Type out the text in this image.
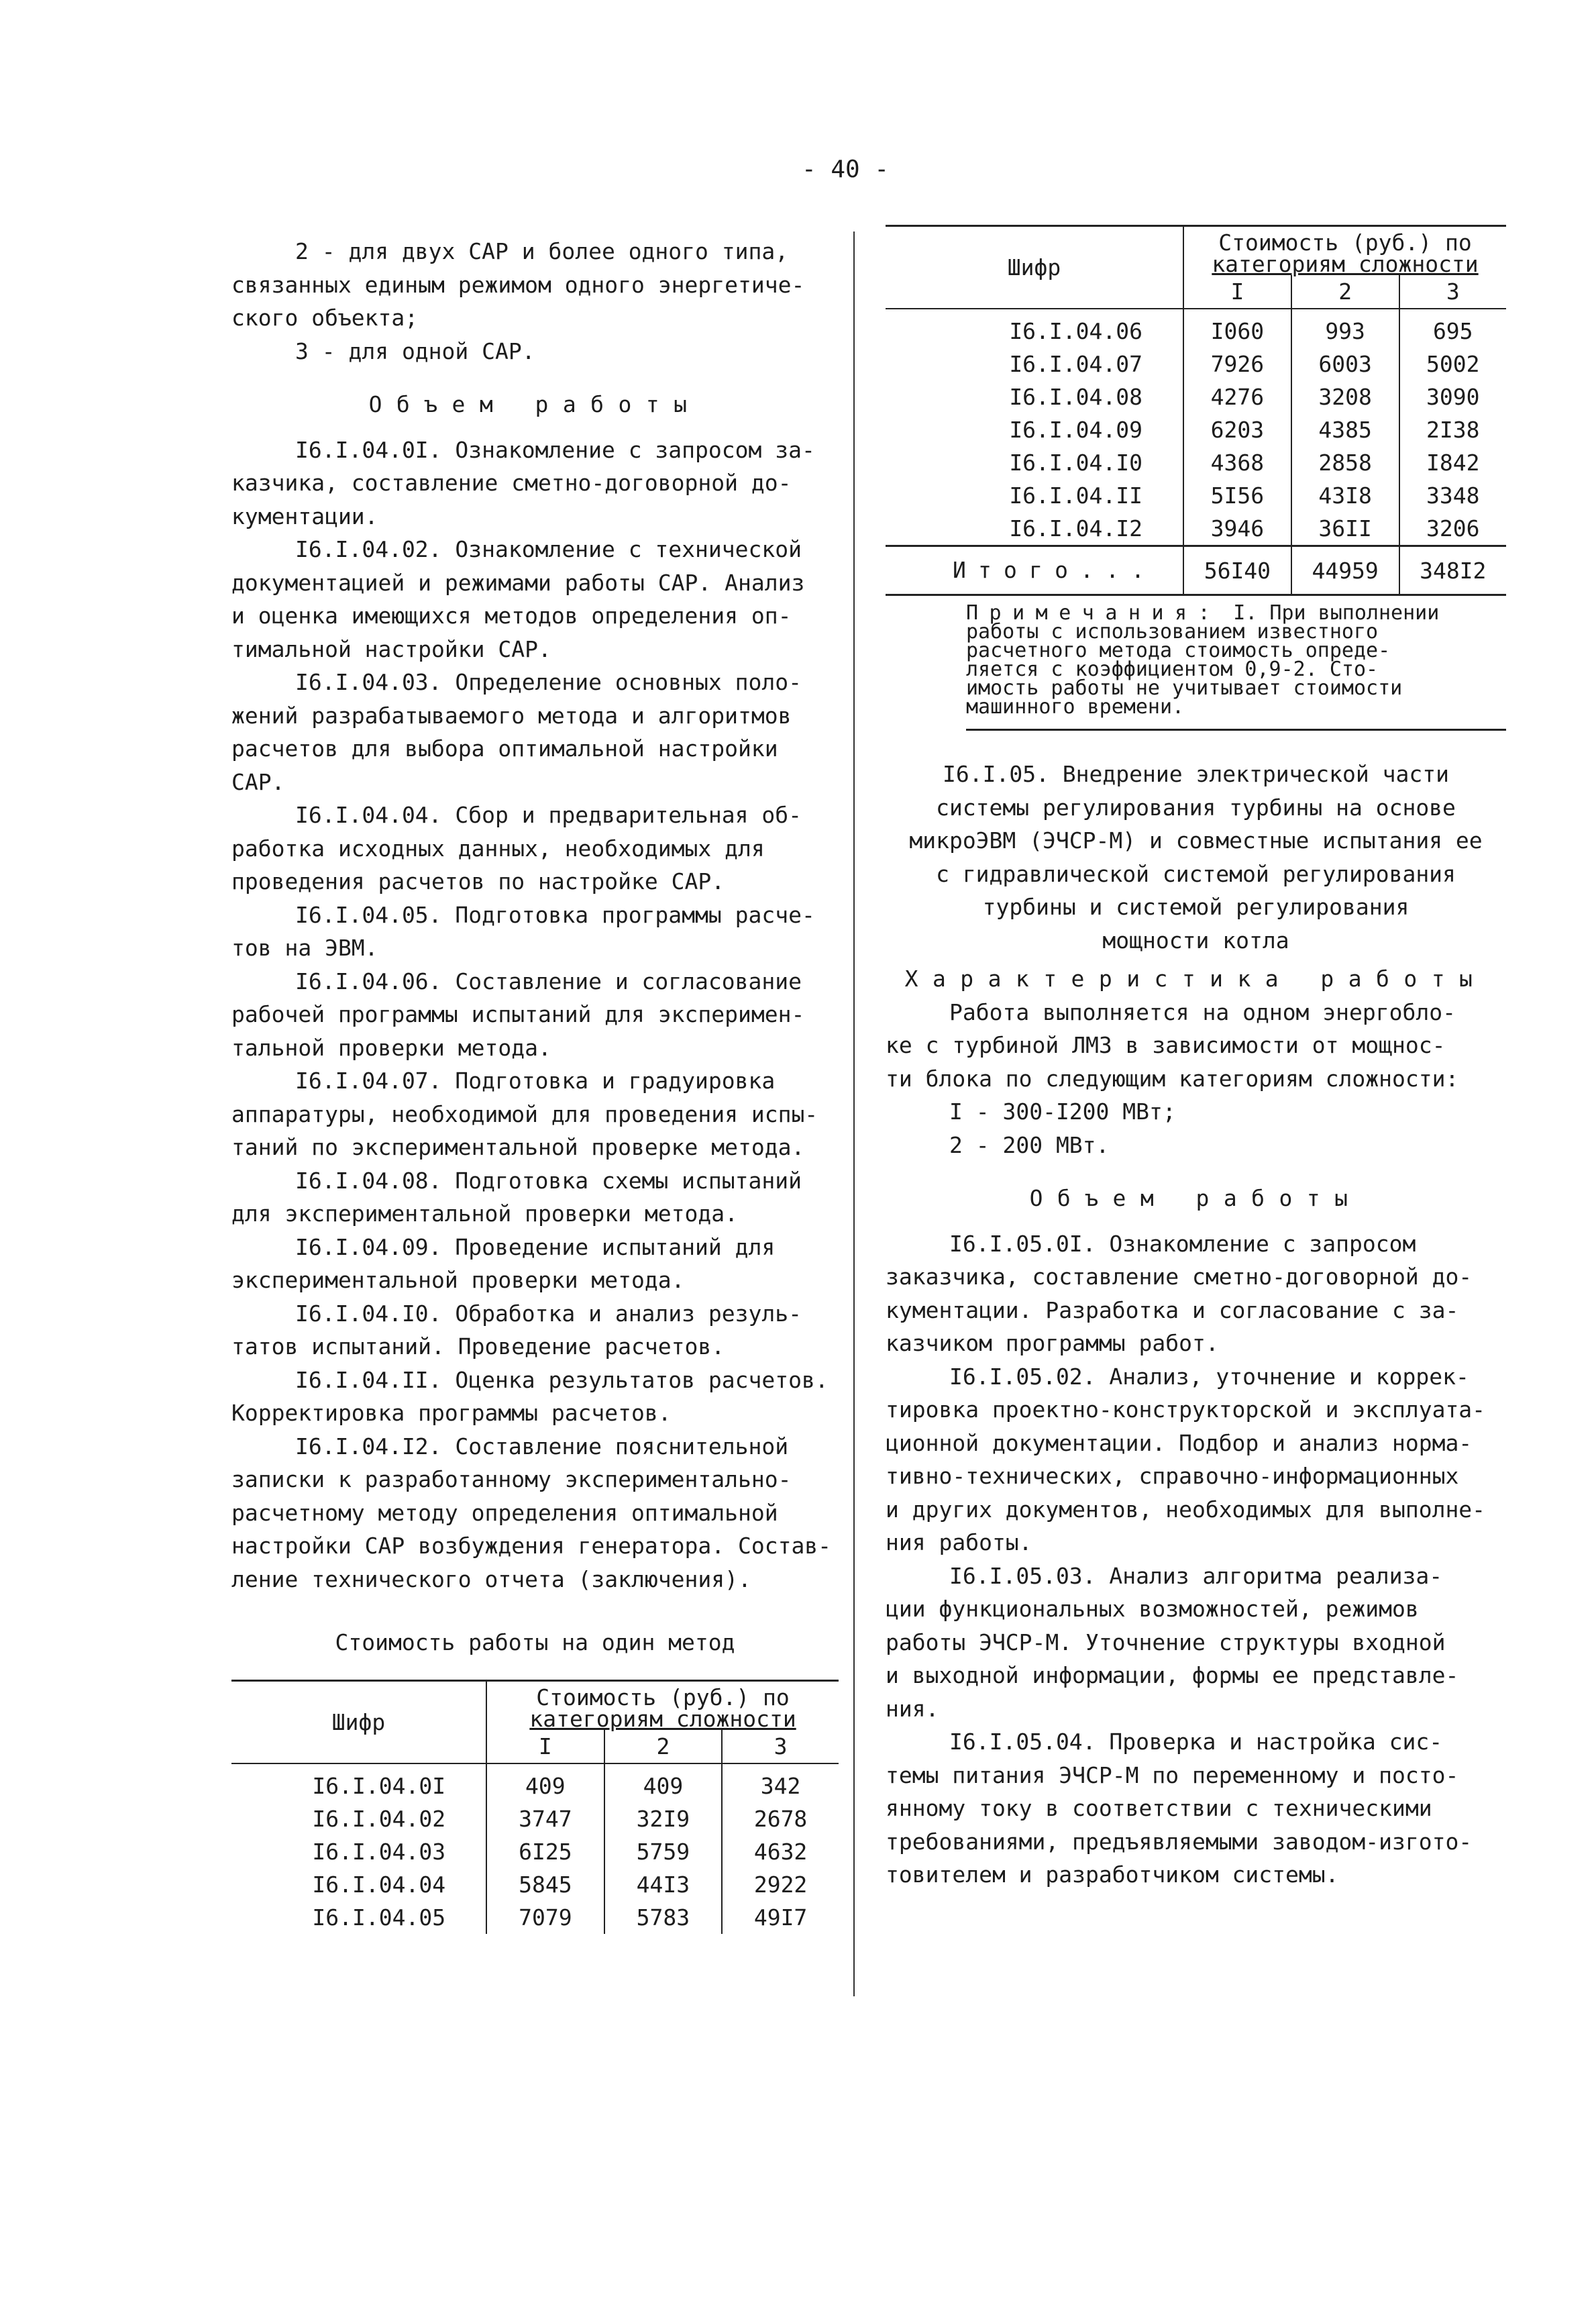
- 40 -

2 - для двух САР и более одного типа,

связанных единым режимом одного энергетиче-

ского объекта;

3 - для одной САР.

Объем работы

I6.I.04.0I. Ознакомление с запросом за-

казчика, составление сметно-договорной до-

кументации.

I6.I.04.02. Ознакомление с технической

документацией и режимами работы САР. Анализ

и оценка имеющихся методов определения оп-

тимальной настройки САР.

I6.I.04.03. Определение основных поло-

жений разрабатываемого метода и алгоритмов

расчетов для выбора оптимальной настройки

САР.

I6.I.04.04. Сбор и предварительная об-

работка исходных данных, необходимых для

проведения расчетов по настройке САР.

I6.I.04.05. Подготовка программы расче-

тов на ЭВМ.

I6.I.04.06. Составление и согласование

рабочей программы испытаний для эксперимен-

тальной проверки метода.

I6.I.04.07. Подготовка и градуировка

аппаратуры, необходимой для проведения испы-

таний по экспериментальной проверке метода.

I6.I.04.08. Подготовка схемы испытаний

для экспериментальной проверки метода.

I6.I.04.09. Проведение испытаний для

экспериментальной проверки метода.

I6.I.04.I0. Обработка и анализ резуль-

татов испытаний. Проведение расчетов.

I6.I.04.II. Оценка результатов расчетов.

Корректировка программы расчетов.

I6.I.04.I2. Составление пояснительной

записки к разработанному экспериментально-

расчетному методу определения оптимальной

настройки САР возбуждения генератора. Состав-

ление технического отчета (заключения).

Стоимость работы на один метод

Шифр	Стоимость (руб.) по
категориям сложности		

	I	2	3
I6.I.04.0I	409	409	342
I6.I.04.02	3747	32I9	2678
I6.I.04.03	6I25	5759	4632
I6.I.04.04	5845	44I3	2922
I6.I.04.05	7079	5783	49I7
Шифр	Стоимость (руб.) по
категориям сложности		

	I	2	3
I6.I.04.06	I060	993	695
I6.I.04.07	7926	6003	5002
I6.I.04.08	4276	3208	3090
I6.I.04.09	6203	4385	2I38
I6.I.04.I0	4368	2858	I842
I6.I.04.II	5I56	43I8	3348
I6.I.04.I2	3946	36II	3206
Итого...	56I40	44959	348I2
Примечания: I. При выполнении
работы с использованием известного
расчетного метода стоимость опреде-
ляется с коэффициентом 0,9-2. Сто-
имость работы не учитывает стоимости
машинного времени.

I6.I.05. Внедрение электрической части

системы регулирования турбины на основе

микроЭВМ (ЭЧСР-М) и совместные испытания ее

с гидравлической системой регулирования

турбины и системой регулирования

мощности котла

Характеристика работы

Работа выполняется на одном энергобло-

ке с турбиной ЛМЗ в зависимости от мощнос-

ти блока по следующим категориям сложности:

I - 300-I200 МВт;

2 - 200 МВт.

Объем работы

I6.I.05.0I. Ознакомление с запросом

заказчика, составление сметно-договорной до-

кументации. Разработка и согласование с за-

казчиком программы работ.

I6.I.05.02. Анализ, уточнение и коррек-

тировка проектно-конструкторской и эксплуата-

ционной документации. Подбор и анализ норма-

тивно-технических, справочно-информационных

и других документов, необходимых для выполне-

ния работы.

I6.I.05.03. Анализ алгоритма реализа-

ции функциональных возможностей, режимов

работы ЭЧСР-М. Уточнение структуры входной

и выходной информации, формы ее представле-

ния.

I6.I.05.04. Проверка и настройка сис-

темы питания ЭЧСР-М по переменному и посто-

янному току в соответствии с техническими

требованиями, предъявляемыми заводом-изгото-

товителем и разработчиком системы.
